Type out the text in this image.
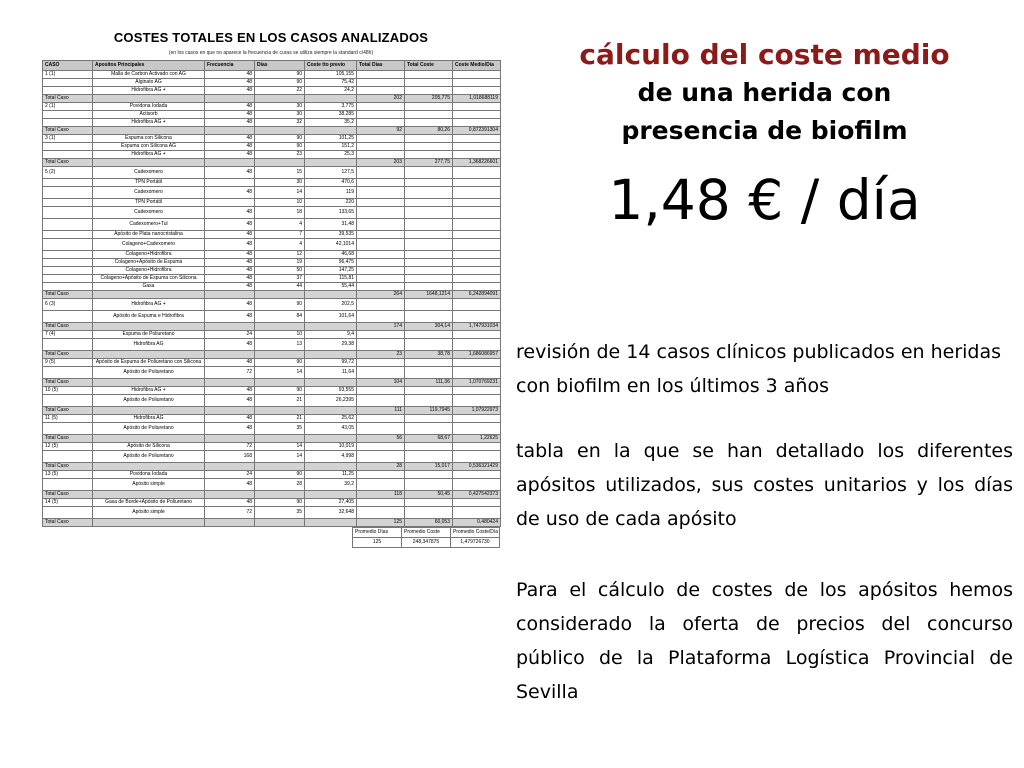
COSTES TOTALES EN LOS CASOS ANALIZADOS
(en los casos en que no aparece la frecuencia de curas se utiliza siempre la standard c/48h)
CASO	Apositos Principales	Frecuencia	Días	Coste tto previo	Total Días	Total Coste	Coste Medio/Día
1 (1)	Malla de Carbon Activado con AG	48	90	105,155			
	Alginato AG	48	90	75,42			
	Hidrofibra AG +	48	22	24,2			
Total Caso					202	205,775	1,018688119
2 (1)	Povidona Iodada	48	30	3,775			
	Actisorb	48	30	38,285			
	Hidrofibra AG +	48	32	35,2			
Total Caso					92	80,26	0,872391304
3 (1)	Espuma con Silicona	48	90	101,25			
	Espuma con Silicona AG	48	90	151,2			
	Hidrofibra AG +	48	23	25,3			
Total Caso					203	277,75	1,368226601
5 (2)	Cadexomero	48	15	127,5			
	TPN Portátil		30	470,6			
	Cadexomero	48	14	119			
	TPN Portátil		10	220			
	Cadexomero	48	18	133,65			
	Cadexomero+Tul	48	4	31,48			
	Apósito de Plata nanocristalina	48	7	39,535			
	Colageno+Cadexomero	48	4	42,1014			
	Colageno+Hidrofibra	48	12	46,68			
	Colageno+Apósito de Espuma	48	19	96,475			
	Colageno+Hidrofibra	48	50	147,25			
	Colageno+Apósito de Espuma con Silicona	48	37	115,81			
	Gasa	48	44	55,44			
Total Caso					264	1648,1214	6,242894091
6 (3)	Hidrofibra AG +	48	90	202,5			
	Apósito de Espuma e Hidrofibra	48	84	101,64			
Total Caso					174	304,14	1,747931034
7 (4)	Espuma de Poliuretano	24	10	9,4			
	Hidrofibra AG	48	13	29,38			
Total Caso					23	38,78	1,686086957
9 (5)	Apósito de Espuma de Poliuretano con Silicona	48	90	99,72			
	Apósito de Poliuretano	72	14	11,64			
Total Caso					104	111,36	1,070769231
10 (5)	Hidrofibra AG +	48	90	93,555			
	Apósito de Poliuretano	48	21	26,2395			
Total Caso					111	119,7945	1,07922973
11 (5)	Hidrofibra AG	48	21	25,62			
	Apósito de Poliuretano	48	35	43,05			
Total Caso					56	68,67	1,22625
12 (5)	Apósito de Silicona	72	14	10,019			
	Apósito de Poliuretano	168	14	4,998			
Total Caso					28	15,017	0,536321429
13 (5)	Povidona Iodada	24	90	11,25			
	Apósito simple	48	28	39,2			
Total Caso					118	50,45	0,427542373
14 (5)	Gasa de Borde+Apósito de Poliuretano	48	90	27,405			
	Apósito simple	72	35	32,648			
Total Caso					125	60,053	0,480424
Promedio Días	Promedio Coste	Promedio Coste/Día
125	248,347875	1,479726730
cálculo del coste medio
de una herida con
presencia de biofilm
1,48 € / día

revisión de 14 casos clínicos publicados en heridas con biofilm en los últimos 3 años

tabla en la que se han detallado los diferentes apósitos utilizados, sus costes unitarios y los días de uso de cada apósito

Para el cálculo de costes de los apósitos hemos considerado la oferta de precios del concurso público de la Plataforma Logística Provincial de Sevilla
